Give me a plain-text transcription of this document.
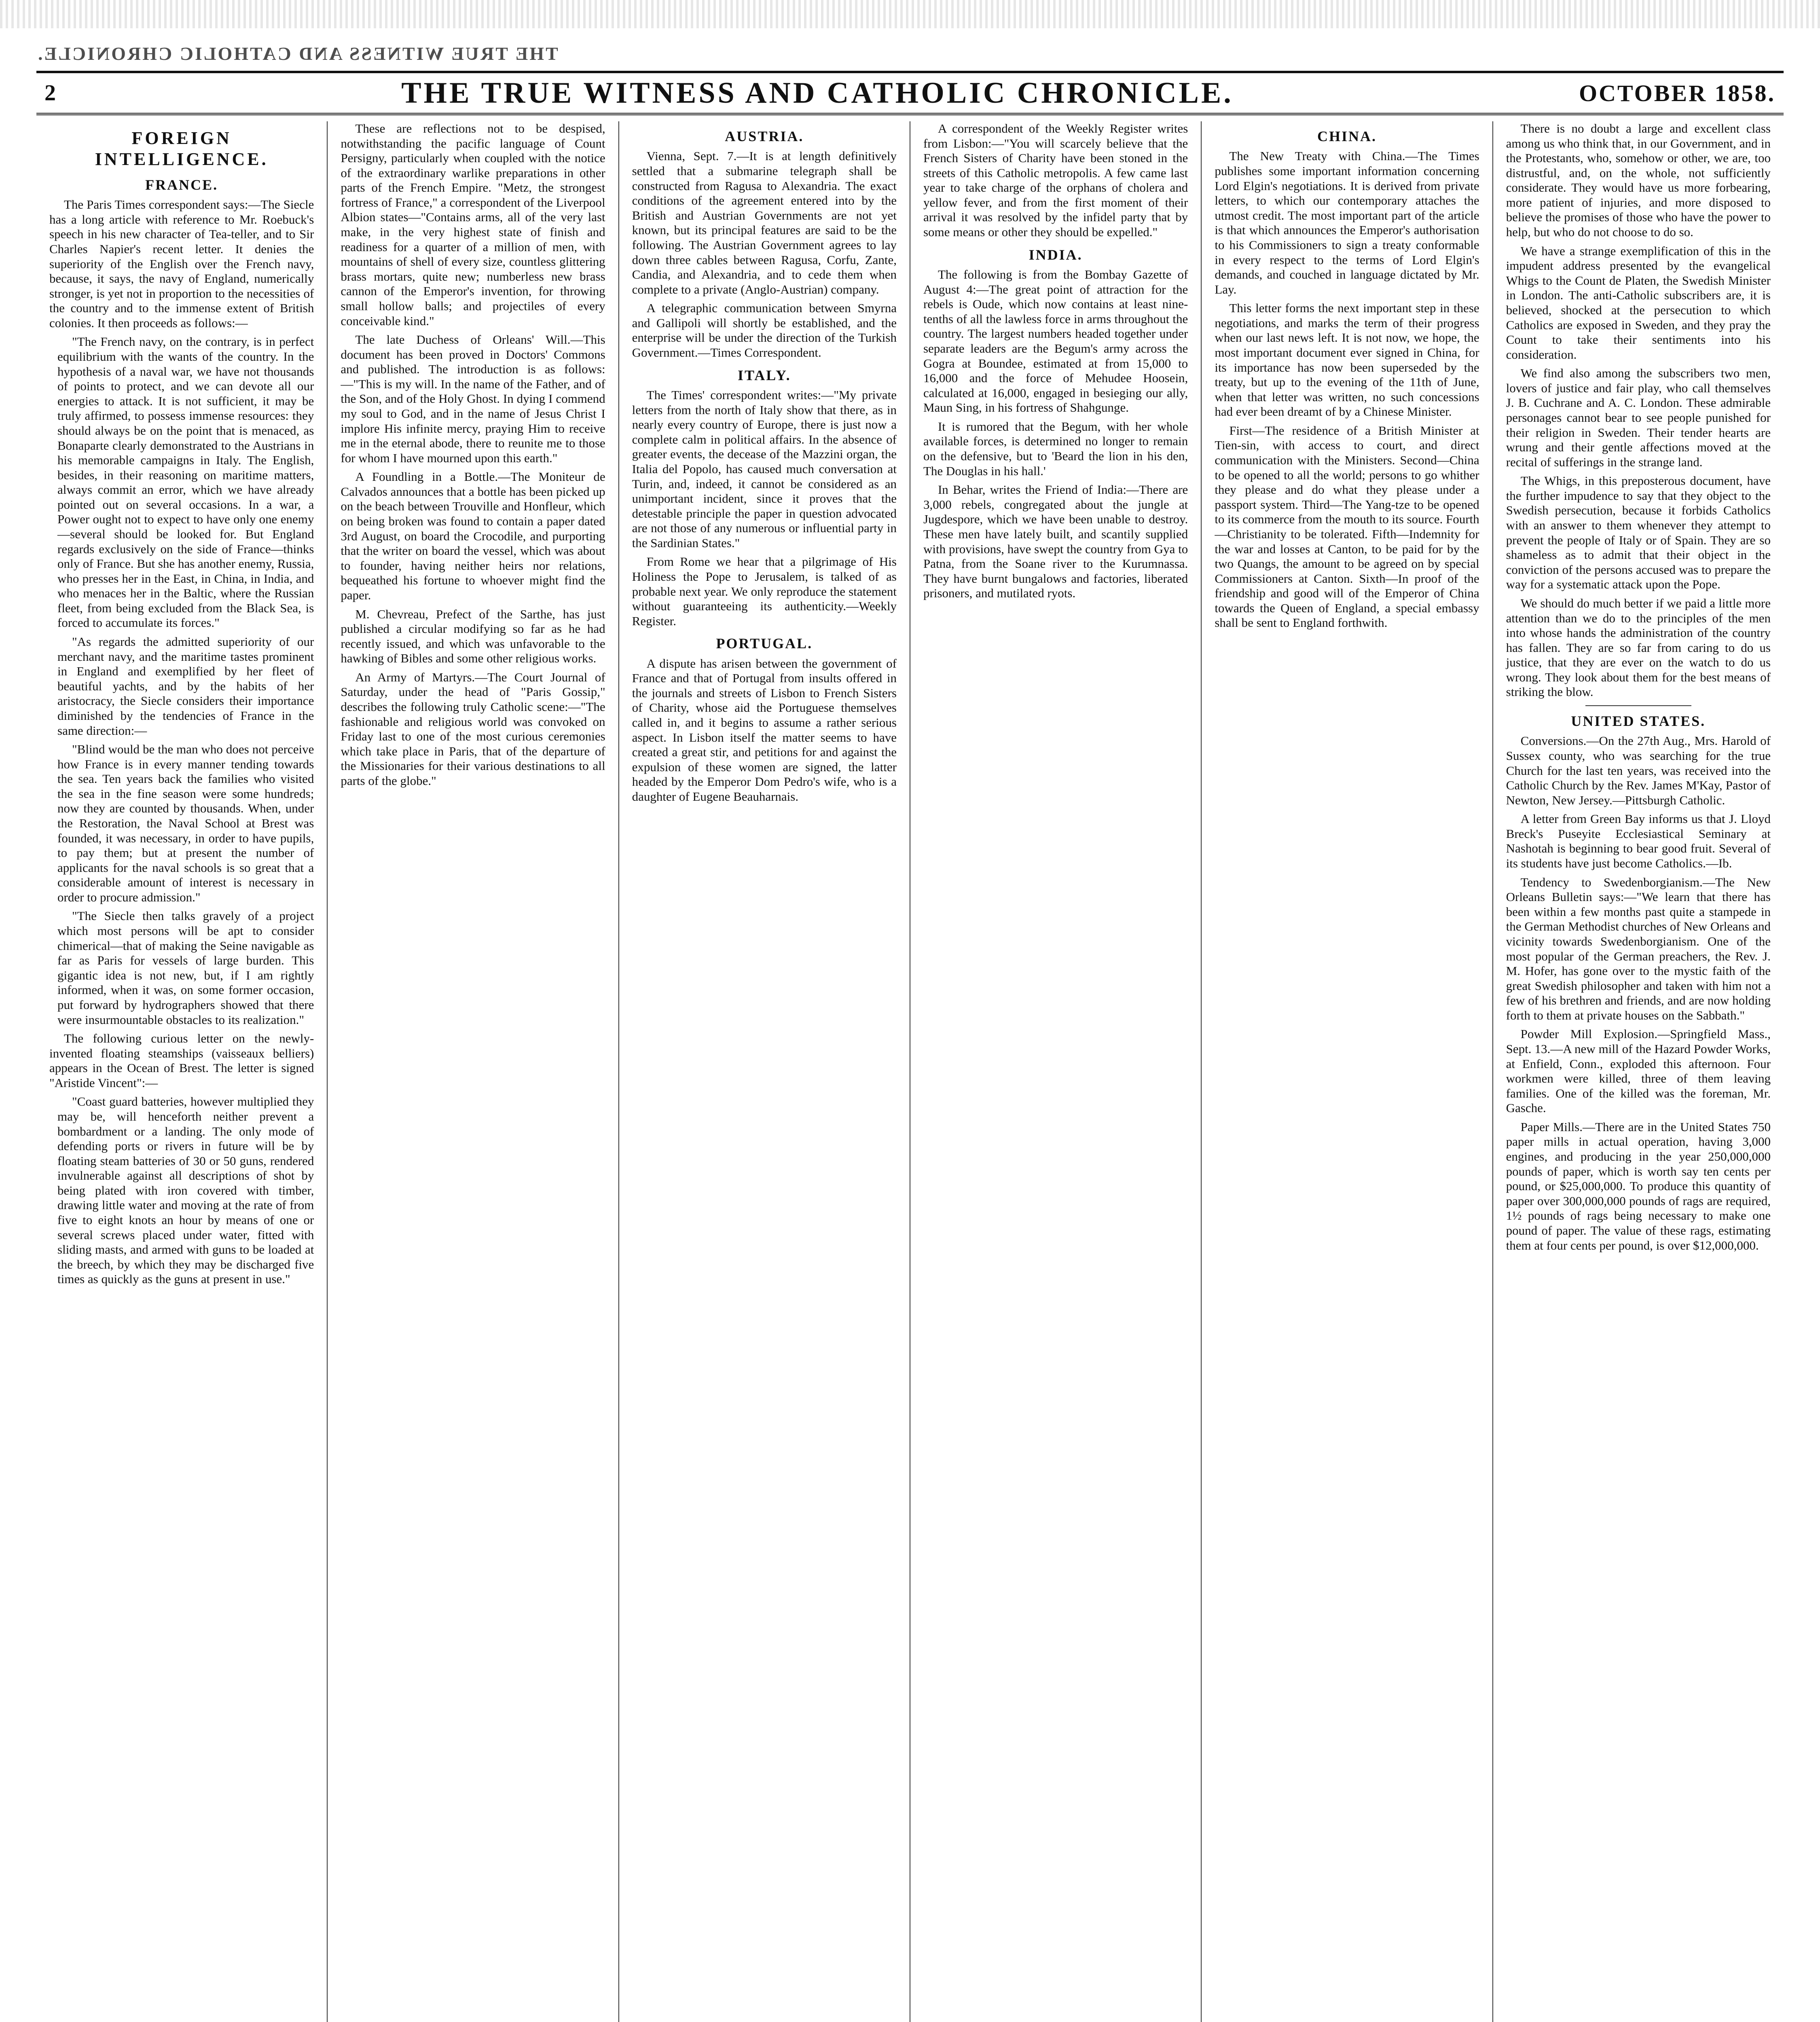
THE TRUE WITNESS AND CATHOLIC CHRONICLE.
2	THE TRUE WITNESS AND CATHOLIC CHRONICLE.	OCTOBER 1858.
FOREIGN INTELLIGENCE.
FRANCE.

The Paris Times correspondent says:—The Siecle has a long article with reference to Mr. Roebuck's speech in his new character of Tea-teller, and to Sir Charles Napier's recent letter. It denies the superiority of the English over the French navy, because, it says, the navy of England, numerically stronger, is yet not in proportion to the necessities of the country and to the immense extent of British colonies. It then proceeds as follows:—

"The French navy, on the contrary, is in perfect equilibrium with the wants of the country. In the hypothesis of a naval war, we have not thousands of points to protect, and we can devote all our energies to attack. It is not sufficient, it may be truly affirmed, to possess immense resources: they should always be on the point that is menaced, as Bonaparte clearly demonstrated to the Austrians in his memorable campaigns in Italy. The English, besides, in their reasoning on maritime matters, always commit an error, which we have already pointed out on several occasions. In a war, a Power ought not to expect to have only one enemy—several should be looked for. But England regards exclusively on the side of France—thinks only of France. But she has another enemy, Russia, who presses her in the East, in China, in India, and who menaces her in the Baltic, where the Russian fleet, from being excluded from the Black Sea, is forced to accumulate its forces."

"As regards the admitted superiority of our merchant navy, and the maritime tastes prominent in England and exemplified by her fleet of beautiful yachts, and by the habits of her aristocracy, the Siecle considers their importance diminished by the tendencies of France in the same direction:—

"Blind would be the man who does not perceive how France is in every manner tending towards the sea. Ten years back the families who visited the sea in the fine season were some hundreds; now they are counted by thousands. When, under the Restoration, the Naval School at Brest was founded, it was necessary, in order to have pupils, to pay them; but at present the number of applicants for the naval schools is so great that a considerable amount of interest is necessary in order to procure admission."

"The Siecle then talks gravely of a project which most persons will be apt to consider chimerical—that of making the Seine navigable as far as Paris for vessels of large burden. This gigantic idea is not new, but, if I am rightly informed, when it was, on some former occasion, put forward by hydrographers showed that there were insurmountable obstacles to its realization."

The following curious letter on the newly-invented floating steamships (vaisseaux belliers) appears in the Ocean of Brest. The letter is signed "Aristide Vincent":—

"Coast guard batteries, however multiplied they may be, will henceforth neither prevent a bombardment or a landing. The only mode of defending ports or rivers in future will be by floating steam batteries of 30 or 50 guns, rendered invulnerable against all descriptions of shot by being plated with iron covered with timber, drawing little water and moving at the rate of from five to eight knots an hour by means of one or several screws placed under water, fitted with sliding masts, and armed with guns to be loaded at the breech, by which they may be discharged five times as quickly as the guns at present in use."

These are reflections not to be despised, notwithstanding the pacific language of Count Persigny, particularly when coupled with the notice of the extraordinary warlike preparations in other parts of the French Empire. "Metz, the strongest fortress of France," a correspondent of the Liverpool Albion states—"Contains arms, all of the very last make, in the very highest state of finish and readiness for a quarter of a million of men, with mountains of shell of every size, countless glittering brass mortars, quite new; numberless new brass cannon of the Emperor's invention, for throwing small hollow balls; and projectiles of every conceivable kind."

The late Duchess of Orleans' Will.—This document has been proved in Doctors' Commons and published. The introduction is as follows:—"This is my will. In the name of the Father, and of the Son, and of the Holy Ghost. In dying I commend my soul to God, and in the name of Jesus Christ I implore His infinite mercy, praying Him to receive me in the eternal abode, there to reunite me to those for whom I have mourned upon this earth."

A Foundling in a Bottle.—The Moniteur de Calvados announces that a bottle has been picked up on the beach between Trouville and Honfleur, which on being broken was found to contain a paper dated 3rd August, on board the Crocodile, and purporting that the writer on board the vessel, which was about to founder, having neither heirs nor relations, bequeathed his fortune to whoever might find the paper.

M. Chevreau, Prefect of the Sarthe, has just published a circular modifying so far as he had recently issued, and which was unfavorable to the hawking of Bibles and some other religious works.

An Army of Martyrs.—The Court Journal of Saturday, under the head of "Paris Gossip," describes the following truly Catholic scene:—"The fashionable and religious world was convoked on Friday last to one of the most curious ceremonies which take place in Paris, that of the departure of the Missionaries for their various destinations to all parts of the globe."

AUSTRIA.

Vienna, Sept. 7.—It is at length definitively settled that a submarine telegraph shall be constructed from Ragusa to Alexandria. The exact conditions of the agreement entered into by the British and Austrian Governments are not yet known, but its principal features are said to be the following. The Austrian Government agrees to lay down three cables between Ragusa, Corfu, Zante, Candia, and Alexandria, and to cede them when complete to a private (Anglo-Austrian) company.

A telegraphic communication between Smyrna and Gallipoli will shortly be established, and the enterprise will be under the direction of the Turkish Government.—Times Correspondent.

ITALY.

The Times' correspondent writes:—"My private letters from the north of Italy show that there, as in nearly every country of Europe, there is just now a complete calm in political affairs. In the absence of greater events, the decease of the Mazzini organ, the Italia del Popolo, has caused much conversation at Turin, and, indeed, it cannot be considered as an unimportant incident, since it proves that the detestable principle the paper in question advocated are not those of any numerous or influential party in the Sardinian States."

From Rome we hear that a pilgrimage of His Holiness the Pope to Jerusalem, is talked of as probable next year. We only reproduce the statement without guaranteeing its authenticity.—Weekly Register.

PORTUGAL.

A dispute has arisen between the government of France and that of Portugal from insults offered in the journals and streets of Lisbon to French Sisters of Charity, whose aid the Portuguese themselves called in, and it begins to assume a rather serious aspect. In Lisbon itself the matter seems to have created a great stir, and petitions for and against the expulsion of these women are signed, the latter headed by the Emperor Dom Pedro's wife, who is a daughter of Eugene Beauharnais.

A correspondent of the Weekly Register writes from Lisbon:—"You will scarcely believe that the French Sisters of Charity have been stoned in the streets of this Catholic metropolis. A few came last year to take charge of the orphans of cholera and yellow fever, and from the first moment of their arrival it was resolved by the infidel party that by some means or other they should be expelled."

INDIA.

The following is from the Bombay Gazette of August 4:—The great point of attraction for the rebels is Oude, which now contains at least nine-tenths of all the lawless force in arms throughout the country. The largest numbers headed together under separate leaders are the Begum's army across the Gogra at Boundee, estimated at from 15,000 to 16,000 and the force of Mehudee Hoosein, calculated at 16,000, engaged in besieging our ally, Maun Sing, in his fortress of Shahgunge.

It is rumored that the Begum, with her whole available forces, is determined no longer to remain on the defensive, but to 'Beard the lion in his den, The Douglas in his hall.'

In Behar, writes the Friend of India:—There are 3,000 rebels, congregated about the jungle at Jugdespore, which we have been unable to destroy. These men have lately built, and scantily supplied with provisions, have swept the country from Gya to Patna, from the Soane river to the Kurumnassa. They have burnt bungalows and factories, liberated prisoners, and mutilated ryots.

CHINA.

The New Treaty with China.—The Times publishes some important information concerning Lord Elgin's negotiations. It is derived from private letters, to which our contemporary attaches the utmost credit. The most important part of the article is that which announces the Emperor's authorisation to his Commissioners to sign a treaty conformable in every respect to the terms of Lord Elgin's demands, and couched in language dictated by Mr. Lay.

This letter forms the next important step in these negotiations, and marks the term of their progress when our last news left. It is not now, we hope, the most important document ever signed in China, for its importance has now been superseded by the treaty, but up to the evening of the 11th of June, when that letter was written, no such concessions had ever been dreamt of by a Chinese Minister.

First—The residence of a British Minister at Tien-sin, with access to court, and direct communication with the Ministers. Second—China to be opened to all the world; persons to go whither they please and do what they please under a passport system. Third—The Yang-tze to be opened to its commerce from the mouth to its source. Fourth—Christianity to be tolerated. Fifth—Indemnity for the war and losses at Canton, to be paid for by the two Quangs, the amount to be agreed on by special Commissioners at Canton. Sixth—In proof of the friendship and good will of the Emperor of China towards the Queen of England, a special embassy shall be sent to England forthwith.

There is no doubt a large and excellent class among us who think that, in our Government, and in the Protestants, who, somehow or other, we are, too distrustful, and, on the whole, not sufficiently considerate. They would have us more forbearing, more patient of injuries, and more disposed to believe the promises of those who have the power to help, but who do not choose to do so.

We have a strange exemplification of this in the impudent address presented by the evangelical Whigs to the Count de Platen, the Swedish Minister in London. The anti-Catholic subscribers are, it is believed, shocked at the persecution to which Catholics are exposed in Sweden, and they pray the Count to take their sentiments into his consideration.

We find also among the subscribers two men, lovers of justice and fair play, who call themselves J. B. Cuchrane and A. C. London. These admirable personages cannot bear to see people punished for their religion in Sweden. Their tender hearts are wrung and their gentle affections moved at the recital of sufferings in the strange land.

The Whigs, in this preposterous document, have the further impudence to say that they object to the Swedish persecution, because it forbids Catholics with an answer to them whenever they attempt to prevent the people of Italy or of Spain. They are so shameless as to admit that their object in the conviction of the persons accused was to prepare the way for a systematic attack upon the Pope.

We should do much better if we paid a little more attention than we do to the principles of the men into whose hands the administration of the country has fallen. They are so far from caring to do us justice, that they are ever on the watch to do us wrong. They look about them for the best means of striking the blow.

UNITED STATES.

Conversions.—On the 27th Aug., Mrs. Harold of Sussex county, who was searching for the true Church for the last ten years, was received into the Catholic Church by the Rev. James M'Kay, Pastor of Newton, New Jersey.—Pittsburgh Catholic.

A letter from Green Bay informs us that J. Lloyd Breck's Puseyite Ecclesiastical Seminary at Nashotah is beginning to bear good fruit. Several of its students have just become Catholics.—Ib.

Tendency to Swedenborgianism.—The New Orleans Bulletin says:—"We learn that there has been within a few months past quite a stampede in the German Methodist churches of New Orleans and vicinity towards Swedenborgianism. One of the most popular of the German preachers, the Rev. J. M. Hofer, has gone over to the mystic faith of the great Swedish philosopher and taken with him not a few of his brethren and friends, and are now holding forth to them at private houses on the Sabbath."

Powder Mill Explosion.—Springfield Mass., Sept. 13.—A new mill of the Hazard Powder Works, at Enfield, Conn., exploded this afternoon. Four workmen were killed, three of them leaving families. One of the killed was the foreman, Mr. Gasche.

Paper Mills.—There are in the United States 750 paper mills in actual operation, having 3,000 engines, and producing in the year 250,000,000 pounds of paper, which is worth say ten cents per pound, or $25,000,000. To produce this quantity of paper over 300,000,000 pounds of rags are required, 1½ pounds of rags being necessary to make one pound of paper. The value of these rags, estimating them at four cents per pound, is over $12,000,000.
